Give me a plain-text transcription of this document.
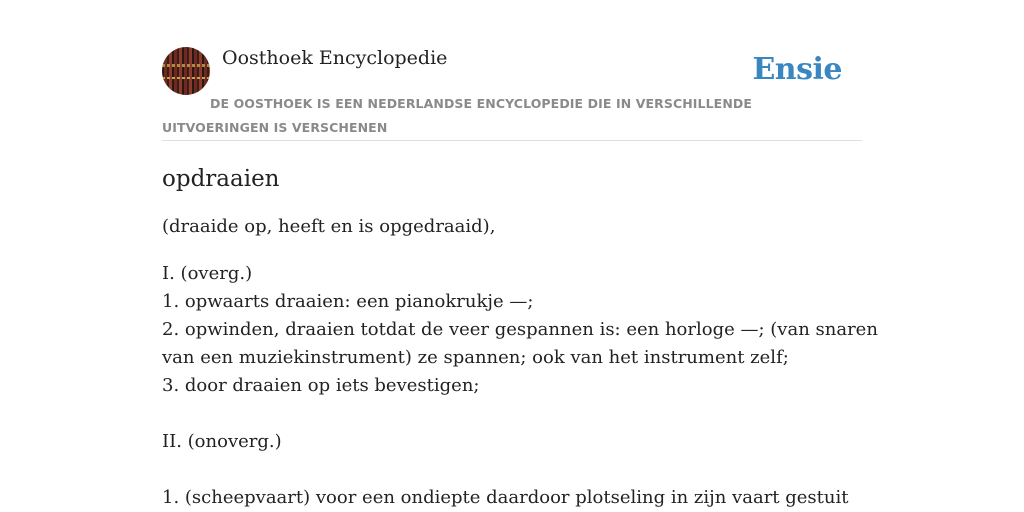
Oosthoek Encyclopedie	Ensie

DE OOSTHOEK IS EEN NEDERLANDSE ENCYCLOPEDIE DIE IN VERSCHILLENDE UITVOERINGEN IS VERSCHENEN

opdraaien

(draaide op, heeft en is opgedraaid),

I. (overg.)
1. opwaarts draaien: een pianokrukje —;
2. opwinden, draaien totdat de veer gespannen is: een horloge —; (van snaren
van een muziekinstrument) ze spannen; ook van het instrument zelf;
3. door draaien op iets bevestigen;
II. (onoverg.)
1. (scheepvaart) voor een ondiepte daardoor plotseling in zijn vaart gestuit
